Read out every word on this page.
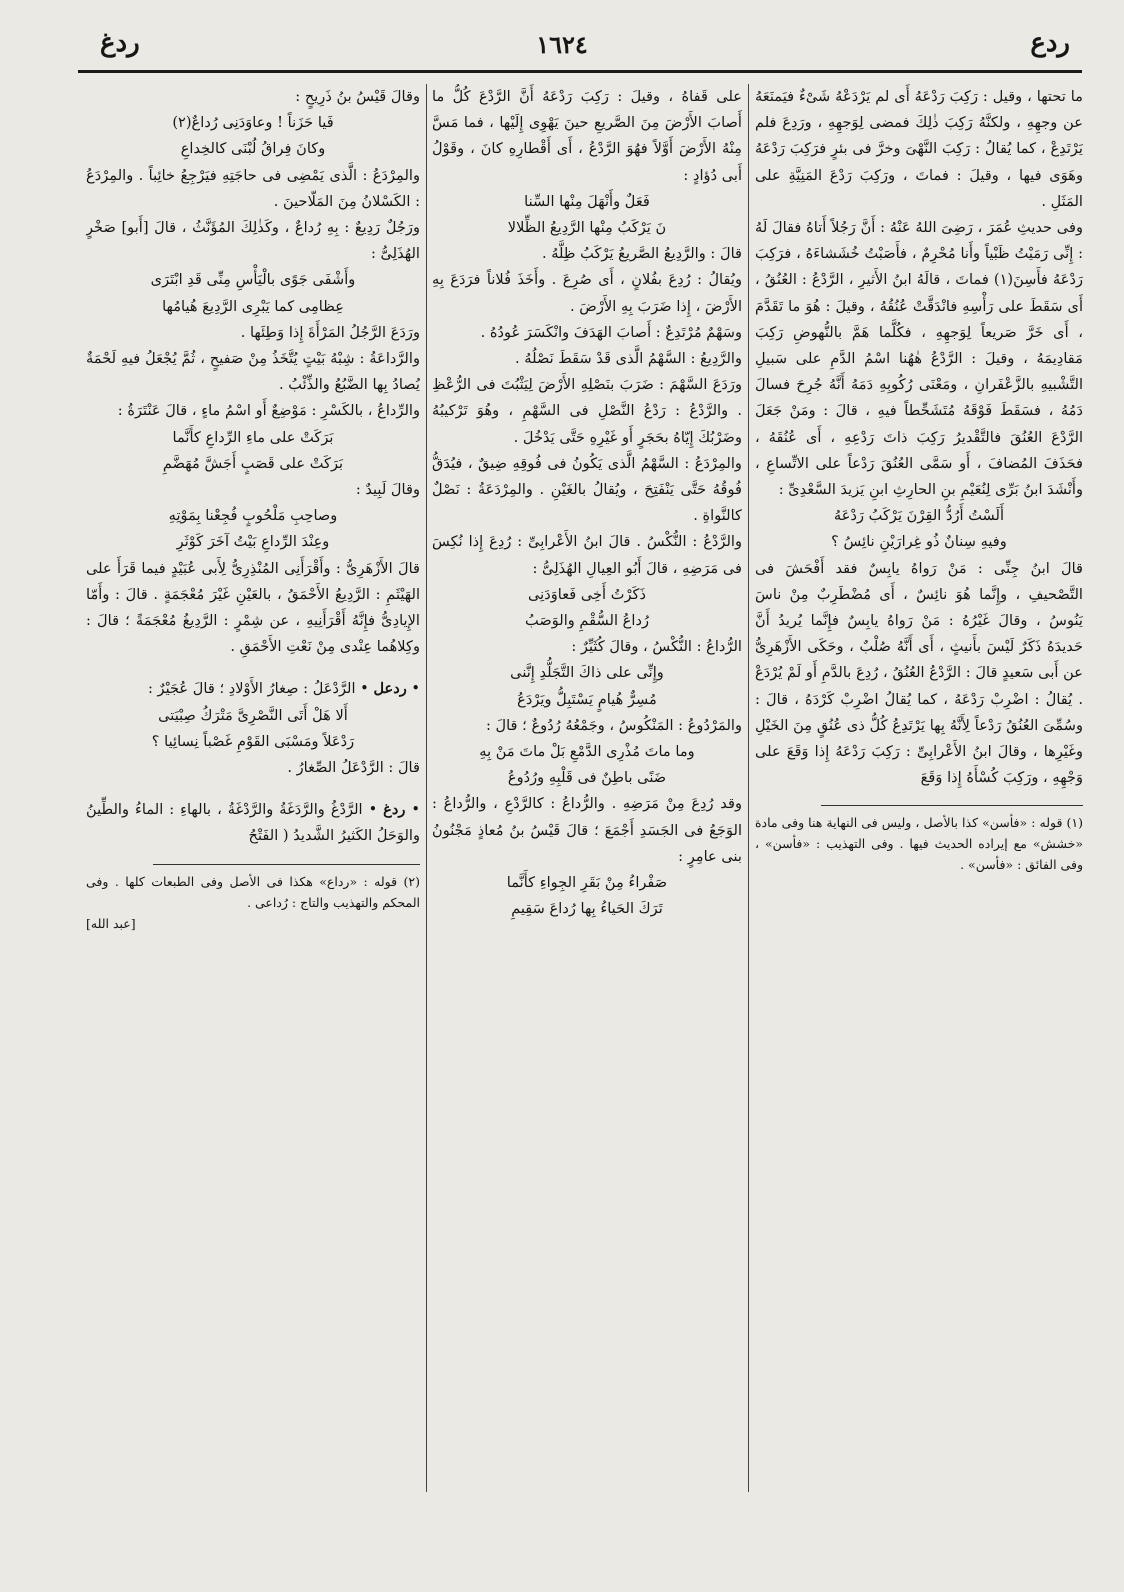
ردع
١٦٢٤
ردغ

ما تحتها ، وقيل : رَكِبَ رَدْعَهُ أَى لم يَرْدَعْهُ شَىْءٌ فيَمنَعَهُ عن وجهِهِ ، ولكنَّهُ رَكِبَ ذٰلِكَ فمضى لِوَجهِهِ ، ورَدِعَ فلم يَرْتَدِعْ ، كما يُقالُ : رَكِبَ النَّهْىَ وخرَّ فى بئرٍ فرَكِبَ رَدْعَهُ وهَوَى فيها ، وقيلَ : فماتَ ، ورَكِبَ رَدْعَ المَنِيَّةِ على المَثَلِ .

وفى حديثِ عُمَرَ ، رَضِىَ اللهُ عَنْهُ : أَنَّ رَجُلاً أَتاهُ فقالَ لَهُ : إِنِّى رَمَيْتُ ظَبْياً وأَنا مُحْرِمٌ ، فأَصَبْتُ خُشَشاءَهُ ، فرَكِبَ رَدْعَهُ فأَسِنَ(١) فماتَ ، قالَهُ ابنُ الأَثيرِ ، الرَّدْعُ : العُنُقُ ، أَى سَقَطَ على رَأْسِهِ فانْدَقَّتْ عُنُقُهُ ، وقيلَ : هُوَ ما تَقَدَّمَ ، أَى خَرَّ صَريعاً لِوَجهِهِ ، فكُلَّما هَمَّ بالنُّهوضِ رَكِبَ مَقادِيمَهُ ، وقيلَ : الرَّدْعُ هٰهُنا اسْمُ الدَّمِ على سَبيلِ التَّشْبيهِ بالزَّعْفَرانِ ، ومَعْنَى رُكُوبِهِ دَمَهُ أَنَّهُ جُرِحَ فسالَ دَمُهُ ، فسَقَطَ فَوْقَهُ مُتَشَحِّطاً فيهِ ، قالَ : ومَنْ جَعَلَ الرَّدْعَ العُنُقَ فالتَّقْديرُ رَكِبَ ذاتَ رَدْعِهِ ، أَى عُنُقَهُ ، فحَذَفَ المُضافَ ، أَو سَمَّى العُنُقَ رَدْعاً على الاتِّساعِ ، وأَنْشَدَ ابنُ بَرِّى لِنُعَيْمِ بنِ الحارِثِ ابنِ يَزيدَ السَّعْدِىِّ :

أَلَسْتُ أَرُدُّ القِرْنَ يَرْكَبُ رَدْعَهُ

وفيهِ سِنانٌ ذُو غِرارَيْنِ نائِسُ ؟

قالَ ابنُ جِنِّى : مَنْ رَواهُ يابِسٌ فقد أَفْحَشَ فى التَّصْحيفِ ، وإِنَّما هُوَ نائِسٌ ، أَى مُضْطَرِبٌ مِنْ ناسَ يَنُوسُ ، وقالَ غَيْرُهُ : مَنْ رَواهُ يابِسٌ فإِنَّما يُريدُ أَنَّ حَديدَهُ ذَكَرٌ لَيْسَ بأَنيثٍ ، أَى أَنَّهُ صُلْبٌ ، وحَكَى الأَزْهَرِىُّ عن أَبى سَعيدٍ قالَ : الرَّدْعُ العُنُقُ ، رُدِعَ بالدَّمِ أَو لَمْ يُرْدَعْ . يُقالُ : اضْرِبْ رَدْعَهُ ، كما يُقالُ اضْرِبْ كَرْدَهُ ، قالَ : وسُمِّىَ العُنُقُ رَدْعاً لِأَنَّهُ بِها يَرْتَدِعُ كُلُّ ذى عُنُقٍ مِنَ الخَيْلِ وغَيْرِها ، وقالَ ابنُ الأَعْرابِىِّ : رَكِبَ رَدْعَهُ إِذا وَقَعَ على وَجْهِهِ ، ورَكِبَ كُسْأَهُ إِذا وَقَعَ

(١) قوله : «فأسن» كذا بالأصل ، وليس فى النهاية هنا وفى مادة «خشش» مع إيراده الحديث فيها . وفى التهذيب : «فأسن» ، وفى الفائق : «فأسن» .

على قَفاهُ ، وقيلَ : رَكِبَ رَدْعَهُ أَنَّ الرَّدْعَ كُلُّ ما أَصابَ الأَرْضَ مِنَ الصَّريعِ حينَ يَهْوِى إِلَيْها ، فما مَسَّ مِنْهُ الأَرْضَ أَوَّلاً فهُوَ الرَّدْعُ ، أَى أَقْطارِهِ كانَ ، وقَوْلُ أَبى دُؤادٍ :

فَعَلٌ وأَنْهَلَ مِنْها السِّنا

نَ يَرْكَبُ مِنْها الرَّدِيعُ الظِّلالا

قالَ : والرَّدِيعُ الصَّريعُ يَرْكَبُ ظِلَّهُ .

ويُقالُ : رُدِعَ بفُلانٍ ، أَى صُرِعَ . وأَخَذَ فُلاناً فرَدَعَ بِهِ الأَرْضَ ، إِذا ضَرَبَ بِهِ الأَرْضَ .

وسَهْمٌ مُرْتَدِعٌ : أَصابَ الهَدَفَ وانْكَسَرَ عُودُهُ .

والرَّدِيعُ : السَّهْمُ الَّذى قَدْ سَقَطَ نَصْلُهُ .

ورَدَعَ السَّهْمَ : ضَرَبَ بنَصْلِهِ الأَرْضَ لِيَثْبُتَ فى الرُّعْظِ . والرَّدْعُ : رَدْعُ النَّصْلِ فى السَّهْمِ ، وهُوَ تَرْكيبُهُ وضَرْبُكَ إِيّاهُ بحَجَرٍ أَو غَيْرِهِ حَتَّى يَدْخُلَ .

والمِرْدَعُ : السَّهْمُ الَّذى يَكُونُ فى فُوقِهِ ضِيقٌ ، فيُدَقُّ فُوقُهُ حَتَّى يَنْفَتِحَ ، ويُقالُ بالغَيْنِ . والمِرْدَعَةُ : نَصْلٌ كالنَّواةِ .

والرَّدْعُ : النُّكْسُ . قالَ ابنُ الأَعْرابِىِّ : رُدِعَ إِذا نُكِسَ فى مَرَضِهِ ، قالَ أَبُو العِيالِ الهُذَلِىُّ :

ذَكَرْتُ أَخِى فَعاوَدَنِى

رُداعُ السُّقْمِ والوَصَبُ

الرُّداعُ : النُّكْسُ ، وقالَ كُثَيِّرٌ :

وإِنِّى على ذاكَ التَّجَلُّدِ إِنَّنى

مُسِرٌّ هُيامٍ يَسْتَبِلُّ ويَرْدَعُ

والمَرْدُوعُ : المَنْكُوسُ ، وجَمْعُهُ رُدُوعٌ ؛ قالَ :

وما ماتَ مُذْرِى الدَّمْعِ بَلْ ماتَ مَنْ بِهِ

ضَنًى باطِنٌ فى قَلْبِهِ ورُدُوعُ

وقد رُدِعَ مِنْ مَرَضِهِ . والرُّداعُ : كالرَّدْعِ ، والرُّداعُ : الوَجَعُ فى الجَسَدِ أَجْمَعَ ؛ قالَ قَيْسُ بنُ مُعاذٍ مَجْنُونُ بنى عامِرٍ :

صَفْراءُ مِنْ بَقَرِ الجِواءِ كأَنَّما

تَرَكَ الحَياءُ بِها رُداعَ سَقِيمِ

وقالَ قَيْسُ بنُ ذَرِيحٍ :

فَيا حَزَناً ! وعاوَدَنِى رُداعٌ(٢)

وكانَ فِراقُ لُبْنَى كالخِداعِ

والمِرْدَعُ : الَّذى يَمْضِى فى حاجَتِهِ فيَرْجِعُ خائِباً . والمِرْدَعُ : الكَسْلانُ مِنَ المَلّاحينَ .

ورَجُلٌ رَدِيعٌ : بِهِ رُداعٌ ، وكَذٰلِكَ المُؤَنَّثُ ، قالَ [أَبو] صَخْرٍ الهُذَلِىُّ :

وأَشْفَى جَوًى بالْيَأْسِ مِنِّى قَدِ ابْتَرَى

عِظامِى كما يَبْرِى الرَّدِيعَ هُيامُها

ورَدَعَ الرَّجُلُ المَرْأَةَ إِذا وَطِئَها .

والرَّداعَةُ : شِبْهُ بَيْتٍ يُتَّخَذُ مِنْ صَفيحٍ ، ثُمَّ يُجْعَلُ فيهِ لَحْمَةٌ يُصادُ بِها الضَّبُعُ والذِّئْبُ .

والرِّداعُ ، بالكَسْرِ : مَوْضِعٌ أَو اسْمُ ماءٍ ، قالَ عَنْتَرَةُ :

بَرَكَتْ على ماءِ الرِّداعِ كأَنَّما

بَرَكَتْ على قَصَبٍ أَجَشَّ مُهَضَّمِ

وقالَ لَبِيدٌ :

وصاحِبِ مَلْحُوبٍ فُجِعْنا بِمَوْتِهِ

وعِنْدَ الرِّداعِ بَيْتُ آخَرَ كَوْثَرِ

قالَ الأَزْهَرِىُّ : وأَقْرَأَنِى المُنْذِرِىُّ لِأَبى عُبَيْدٍ فيما قَرَأَ على الهَيْثَمِ : الرَّدِيعُ الأَحْمَقُ ، بالعَيْنِ غَيْرَ مُعْجَمَةٍ . قالَ : وأَمّا الإِيادِىُّ فإِنَّهُ أَقْرَأَنِيهِ ، عن شِمْرٍ : الرَّدِيغُ مُعْجَمَةً ؛ قالَ : وكِلاهُما عِنْدى مِنْ نَعْتِ الأَحْمَقِ .

• ردعل • الرَّدْعَلُ : صِغارُ الأَوْلادِ ؛ قالَ عُجَيْرٌ :

أَلا هَلْ أَتَى النَّصْرِىَّ مَتْرَكُ صِبْيَتى

رَدْعَلاً ومَسْبَى القَوْمِ غَصْباً نِسائِيا ؟

قالَ : الرَّدْعَلُ الصِّغارُ .

• ردغ • الرَّدْغُ والرَّدَغَةُ والرَّدْغَةُ ، بالهاءِ : الماءُ والطِّينُ والوَحَلُ الكَثيرُ الشَّديدُ ( الفَتْحُ

(٢) قوله : «رداع» هكذا فى الأصل وفى الطبعات كلها . وفى المحكم والتهذيب والتاج : رُداعى .

[عبد الله]
